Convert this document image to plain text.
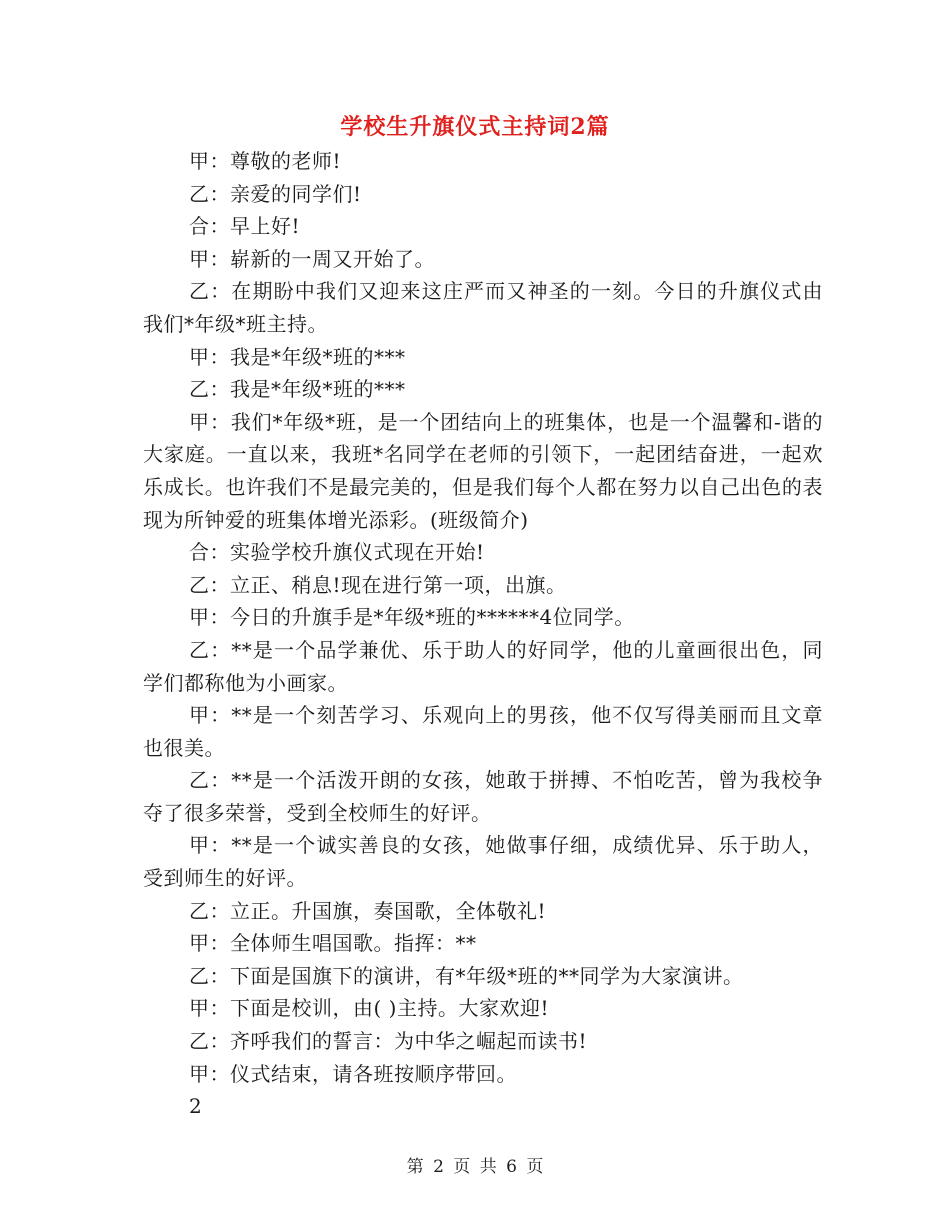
学校生升旗仪式主持词2篇

甲：尊敬的老师!

乙：亲爱的同学们!

合：早上好!

甲：崭新的一周又开始了。

乙：在期盼中我们又迎来这庄严而又神圣的一刻。今日的升旗仪式由我们*年级*班主持。

甲：我是*年级*班的***

乙：我是*年级*班的***

甲：我们*年级*班，是一个团结向上的班集体，也是一个温馨和-谐的大家庭。一直以来，我班*名同学在老师的引领下，一起团结奋进，一起欢乐成长。也许我们不是最完美的，但是我们每个人都在努力以自己出色的表现为所钟爱的班集体增光添彩。(班级简介)

合：实验学校升旗仪式现在开始!

乙：立正、稍息!现在进行第一项，出旗。

甲：今日的升旗手是*年级*班的******4位同学。

乙：**是一个品学兼优、乐于助人的好同学，他的儿童画很出色，同学们都称他为小画家。

甲：**是一个刻苦学习、乐观向上的男孩，他不仅写得美丽而且文章也很美。

乙：**是一个活泼开朗的女孩，她敢于拼搏、不怕吃苦，曾为我校争夺了很多荣誉，受到全校师生的好评。

甲：**是一个诚实善良的女孩，她做事仔细，成绩优异、乐于助人，受到师生的好评。

乙：立正。升国旗，奏国歌，全体敬礼!

甲：全体师生唱国歌。指挥：**

乙：下面是国旗下的演讲，有*年级*班的**同学为大家演讲。

甲：下面是校训，由( )主持。大家欢迎!

乙：齐呼我们的誓言：为中华之崛起而读书!

甲：仪式结束，请各班按顺序带回。

2

第 2 页 共 6 页
